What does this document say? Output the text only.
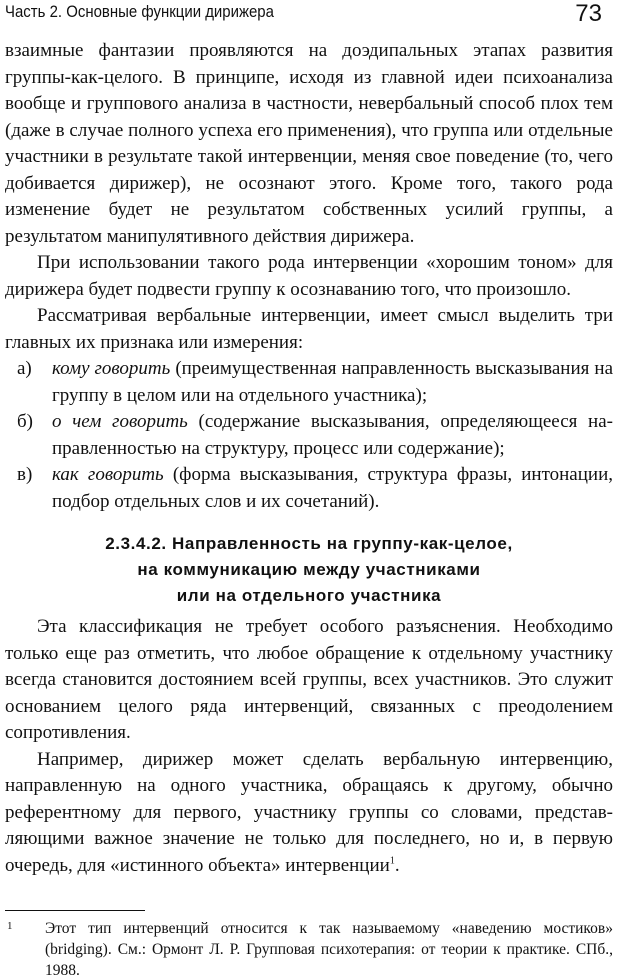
Часть 2. Основные функции дирижера	73

взаимные фантазии проявляются на доэдипальных этапах развития группы-как-целого. В принципе, исходя из главной идеи психоанализа вообще и группового анализа в частности, невербальный способ плох тем (даже в случае полного успеха его применения), что группа или отдельные участники в результате такой интервенции, меняя свое поведение (то, чего добивается дирижер), не осознают этого. Кроме того, такого рода изменение будет не результатом собственных усилий группы, а результатом манипулятивного действия дирижера.

При использовании такого рода интервенции «хорошим тоном» для дирижера будет подвести группу к осознаванию того, что произошло.

Рассматривая вербальные интервенции, имеет смысл выделить три главных их признака или измерения:

а) кому говорить (преимущественная направленность высказывания на группу в целом или на отдельного участника);

б) о чем говорить (содержание высказывания, определяющееся направленностью на структуру, процесс или содержание);

в) как говорить (форма высказывания, структура фразы, интонации, подбор отдельных слов и их сочетаний).

2.3.4.2. Направленность на группу-как-целое,
на коммуникацию между участниками
или на отдельного участника

Эта классификация не требует особого разъяснения. Необходимо только еще раз отметить, что любое обращение к отдельному участнику всегда становится достоянием всей группы, всех участников. Это служит основанием целого ряда интервенций, связанных с преодолением сопротивления.

Например, дирижер может сделать вербальную интервенцию, направленную на одного участника, обращаясь к другому, обычно референтному для первого, участнику группы со словами, представляющими важное значение не только для последнего, но и, в первую очередь, для «истинного объекта» интервенции$^1$.

1	Этот тип интервенций относится к так называемому «наведению мостиков» (bridging). См.: Ормонт Л. Р. Групповая психотерапия: от теории к практике. СПб., 1988.
